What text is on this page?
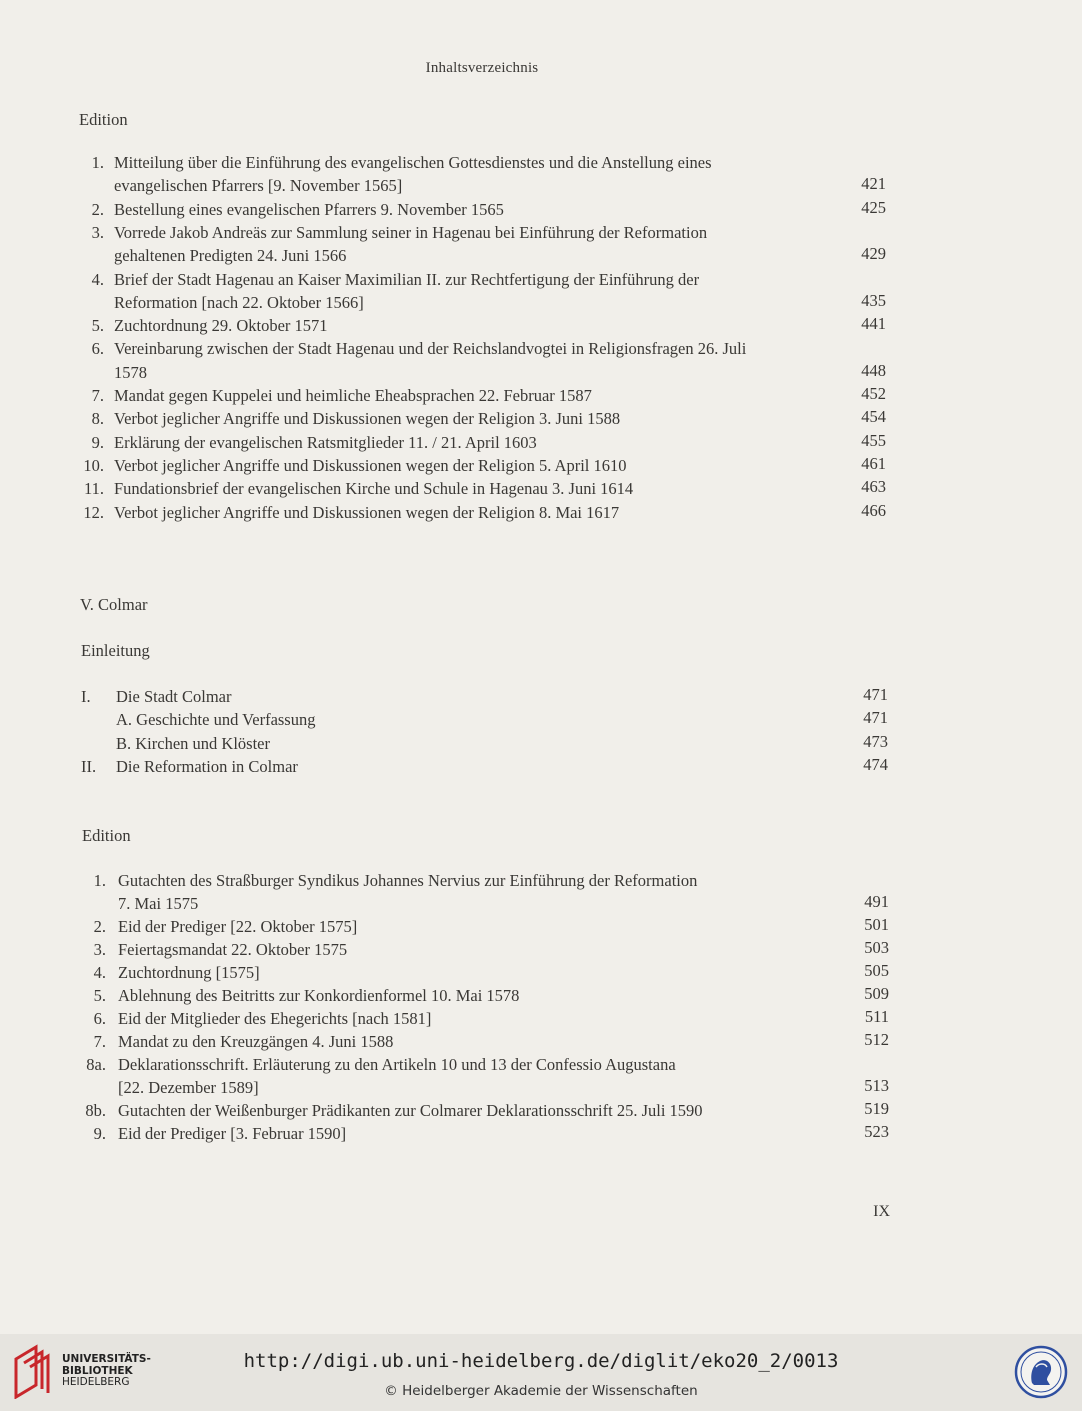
Inhaltsverzeichnis
Edition
1. Mitteilung über die Einführung des evangelischen Gottesdienstes und die Anstellung eines
evangelischen Pfarrers [9. November 1565]	421
2. Bestellung eines evangelischen Pfarrers 9. November 1565	425
3. Vorrede Jakob Andreäs zur Sammlung seiner in Hagenau bei Einführung der Reformation
gehaltenen Predigten 24. Juni 1566	429
4. Brief der Stadt Hagenau an Kaiser Maximilian II. zur Rechtfertigung der Einführung der
Reformation [nach 22. Oktober 1566]	435
5. Zuchtordnung 29. Oktober 1571	441
6. Vereinbarung zwischen der Stadt Hagenau und der Reichslandvogtei in Religionsfragen 26. Juli
1578	448
7. Mandat gegen Kuppelei und heimliche Eheabsprachen 22. Februar 1587	452
8. Verbot jeglicher Angriffe und Diskussionen wegen der Religion 3. Juni 1588	454
9. Erklärung der evangelischen Ratsmitglieder 11. / 21. April 1603	455
10. Verbot jeglicher Angriffe und Diskussionen wegen der Religion 5. April 1610	461
11. Fundationsbrief der evangelischen Kirche und Schule in Hagenau 3. Juni 1614	463
12. Verbot jeglicher Angriffe und Diskussionen wegen der Religion 8. Mai 1617	466
V. Colmar
Einleitung
I. Die Stadt Colmar	471
A. Geschichte und Verfassung	471
B. Kirchen und Klöster	473
II. Die Reformation in Colmar	474
Edition
1. Gutachten des Straßburger Syndikus Johannes Nervius zur Einführung der Reformation
7. Mai 1575	491
2. Eid der Prediger [22. Oktober 1575]	501
3. Feiertagsmandat 22. Oktober 1575	503
4. Zuchtordnung [1575]	505
5. Ablehnung des Beitritts zur Konkordienformel 10. Mai 1578	509
6. Eid der Mitglieder des Ehegerichts [nach 1581]	511
7. Mandat zu den Kreuzgängen 4. Juni 1588	512
8a. Deklarationsschrift. Erläuterung zu den Artikeln 10 und 13 der Confessio Augustana
[22. Dezember 1589]	513
8b. Gutachten der Weißenburger Prädikanten zur Colmarer Deklarationsschrift 25. Juli 1590	519
9. Eid der Prediger [3. Februar 1590]	523
IX
UNIVERSITÄTS-
BIBLIOTHEK
HEIDELBERG
http://digi.ub.uni-heidelberg.de/diglit/eko20_2/0013
© Heidelberger Akademie der Wissenschaften
